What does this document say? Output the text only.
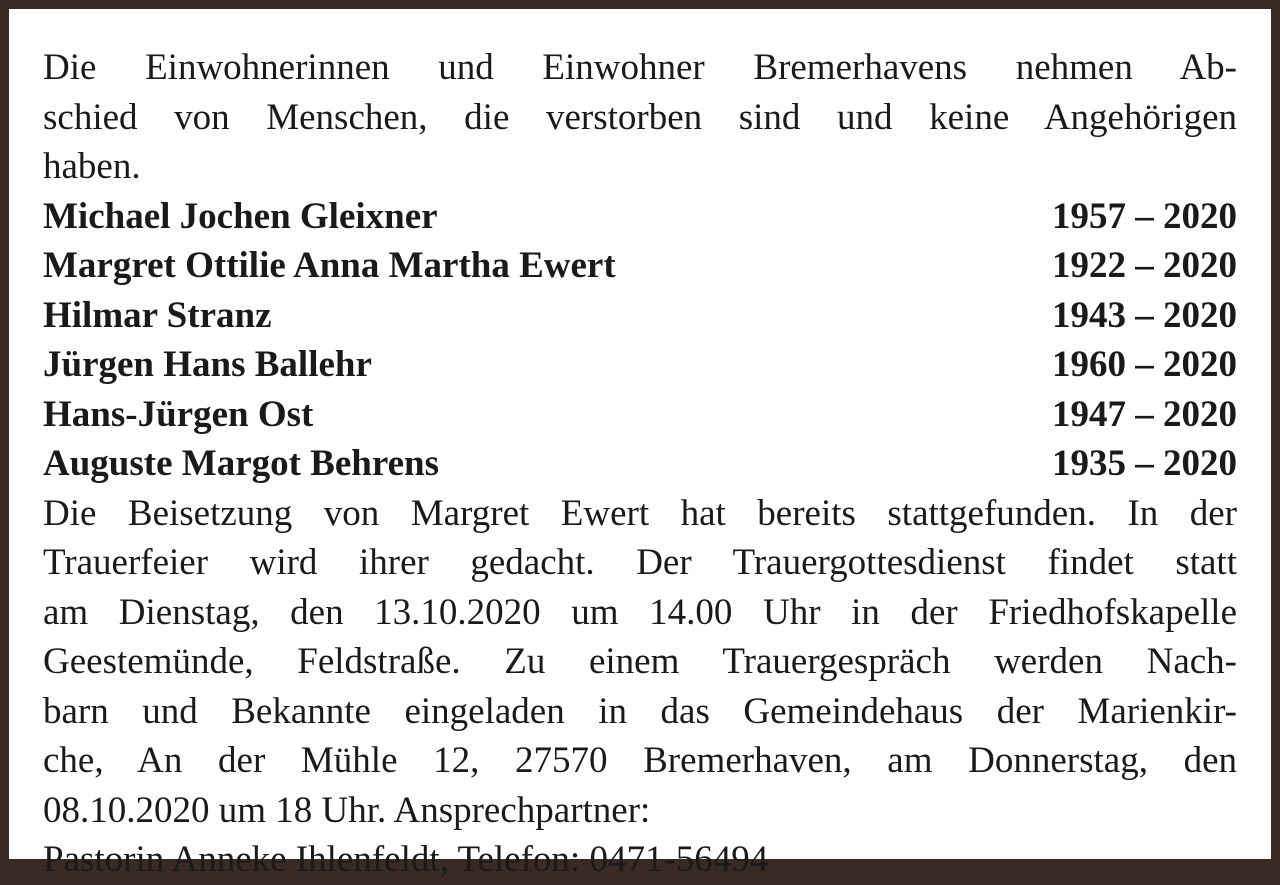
Die Einwohnerinnen und Einwohner Bremerhavens nehmen Ab-
schied von Menschen, die verstorben sind und keine Angehörigen
haben.

Michael Jochen Gleixner	1957 – 2020
Margret Ottilie Anna Martha Ewert	1922 – 2020
Hilmar Stranz	1943 – 2020
Jürgen Hans Ballehr	1960 – 2020
Hans-Jürgen Ost	1947 – 2020
Auguste Margot Behrens	1935 – 2020

Die Beisetzung von Margret Ewert hat bereits stattgefunden. In der
Trauerfeier wird ihrer gedacht. Der Trauergottesdienst findet statt
am Dienstag, den 13.10.2020 um 14.00 Uhr in der Friedhofskapelle
Geestemünde, Feldstraße. Zu einem Trauergespräch werden Nach-
barn und Bekannte eingeladen in das Gemeindehaus der Marienkir-
che, An der Mühle 12, 27570 Bremerhaven, am Donnerstag, den
08.10.2020 um 18 Uhr. Ansprechpartner:
Pastorin Anneke Ihlenfeldt, Telefon: 0471-56494
